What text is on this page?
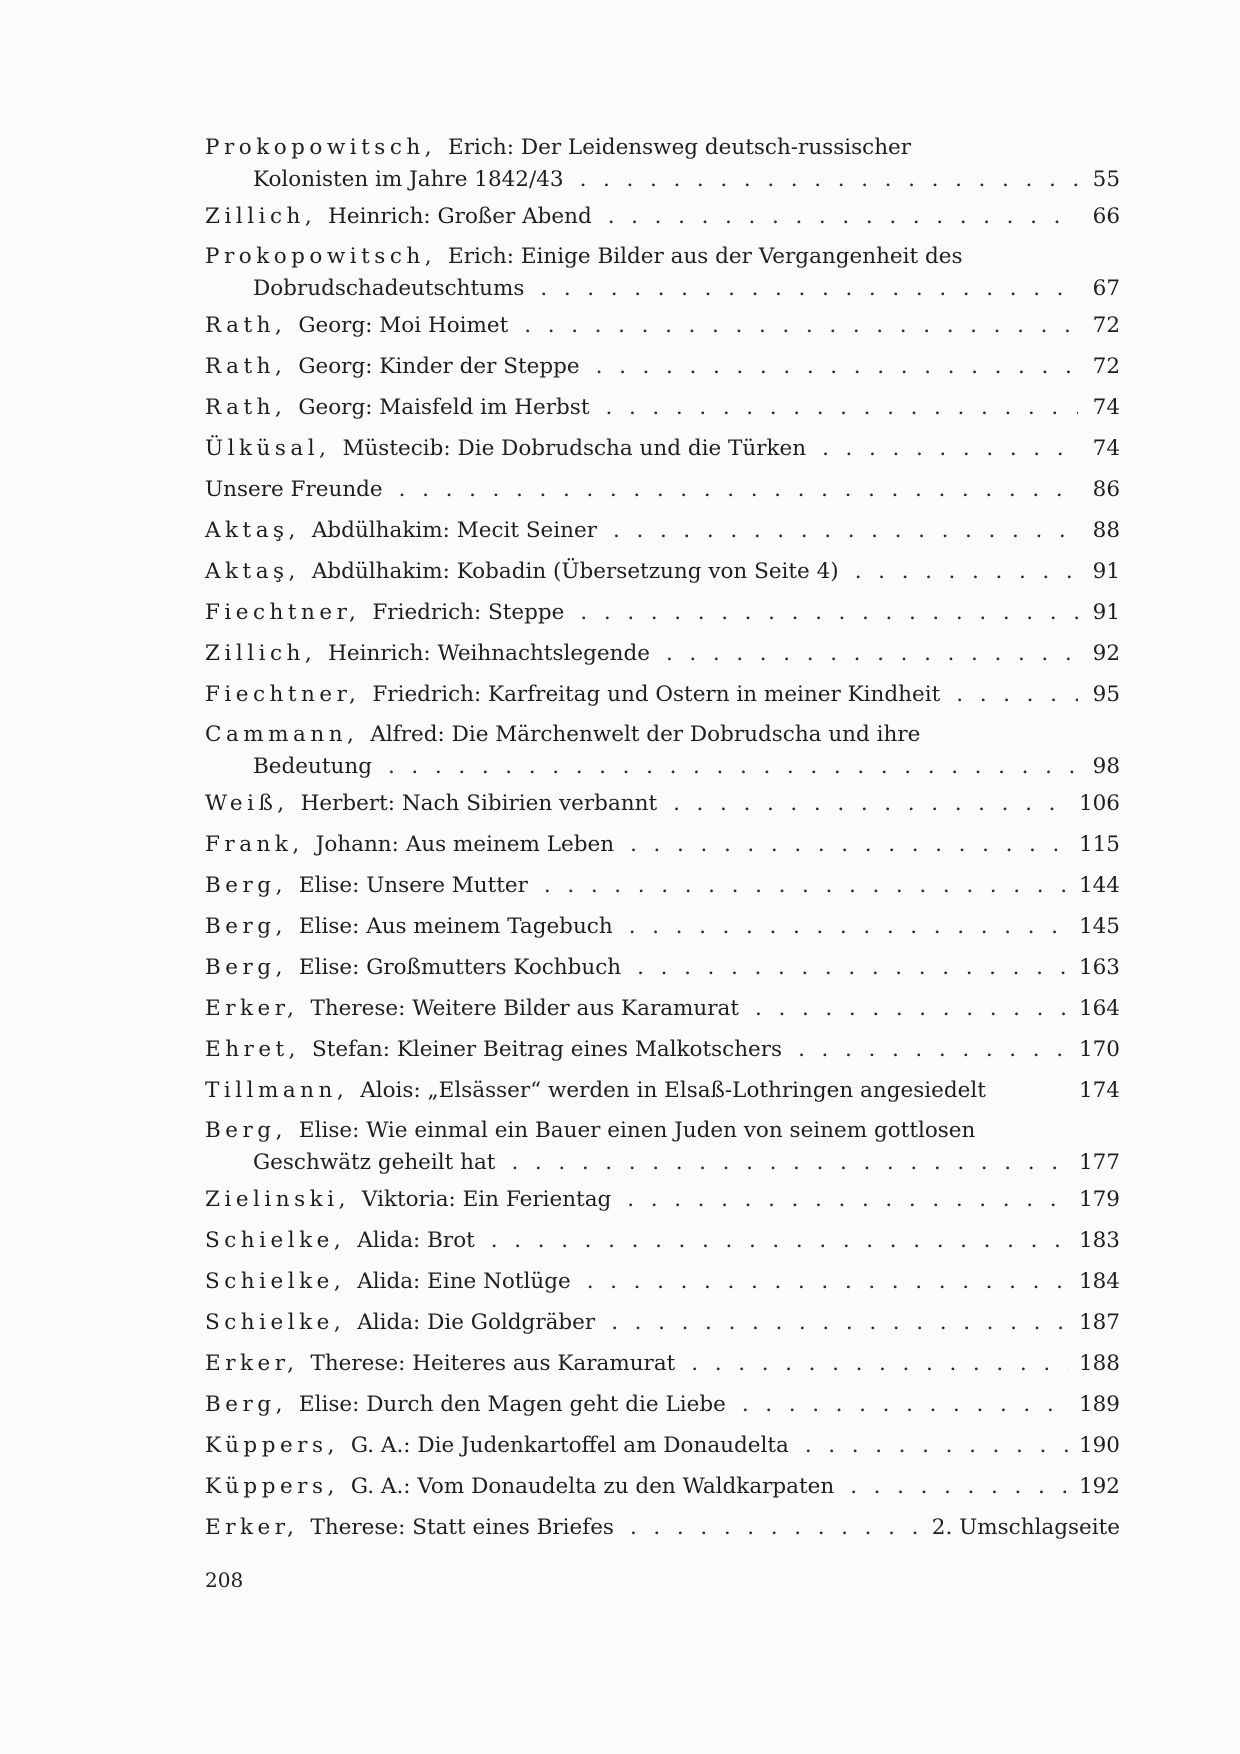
Prokopowitsch, Erich: Der Leidensweg deutsch-russischer
Kolonisten im Jahre 1842/43 . . .	55
Zillich, Heinrich: Großer Abend . . .	66
Prokopowitsch, Erich: Einige Bilder aus der Vergangenheit des
Dobrudschadeutschtums . . .	67
Rath, Georg: Moi Hoimet . . .	72
Rath, Georg: Kinder der Steppe . . .	72
Rath, Georg: Maisfeld im Herbst . . .	74
Ülküsal, Müstecib: Die Dobrudscha und die Türken . . .	74
Unsere Freunde . . .	86
Aktaş, Abdülhakim: Mecit Seiner . . .	88
Aktaş, Abdülhakim: Kobadin (Übersetzung von Seite 4) . . .	91
Fiechtner, Friedrich: Steppe . . .	91
Zillich, Heinrich: Weihnachtslegende . . .	92
Fiechtner, Friedrich: Karfreitag und Ostern in meiner Kindheit . . .	95
Cammann, Alfred: Die Märchenwelt der Dobrudscha und ihre
Bedeutung . . .	98
Weiß, Herbert: Nach Sibirien verbannt . . .	106
Frank, Johann: Aus meinem Leben . . .	115
Berg, Elise: Unsere Mutter . . .	144
Berg, Elise: Aus meinem Tagebuch . . .	145
Berg, Elise: Großmutters Kochbuch . . .	163
Erker, Therese: Weitere Bilder aus Karamurat . . .	164
Ehret, Stefan: Kleiner Beitrag eines Malkotschers . . .	170
Tillmann, Alois: „Elsässer“ werden in Elsaß-Lothringen angesiedelt	174
Berg, Elise: Wie einmal ein Bauer einen Juden von seinem gottlosen
Geschwätz geheilt hat . . .	177
Zielinski, Viktoria: Ein Ferientag . . .	179
Schielke, Alida: Brot . . .	183
Schielke, Alida: Eine Notlüge . . .	184
Schielke, Alida: Die Goldgräber . . .	187
Erker, Therese: Heiteres aus Karamurat . . .	188
Berg, Elise: Durch den Magen geht die Liebe . . .	189
Küppers, G. A.: Die Judenkartoffel am Donaudelta . . .	190
Küppers, G. A.: Vom Donaudelta zu den Waldkarpaten . . .	192
Erker, Therese: Statt eines Briefes . . .	2. Umschlagseite
208
